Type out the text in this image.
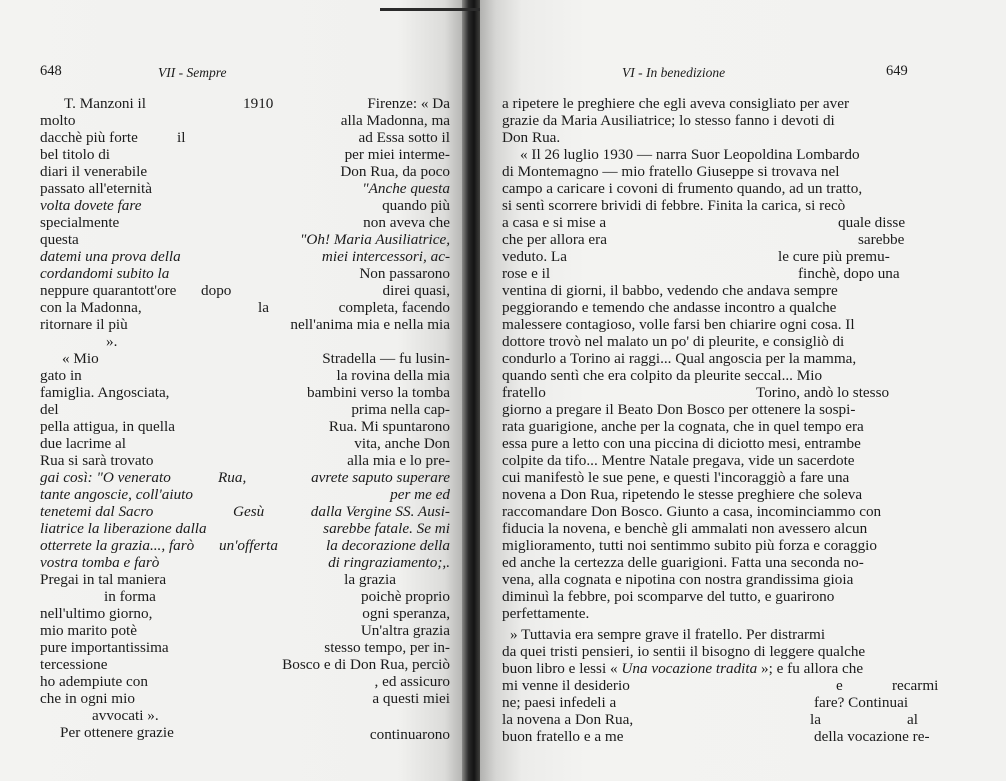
648	VII - Sempre
T. Manzoni il
molto
dacchè più forte
bel titolo di
diari il venerabile
passato all'eternità
volta dovete fare
specialmente
questa
datemi una prova della
cordandomi subito la
neppure quarantott'ore
con la Madonna,
ritornare il più
».
« Mio
gato in
famiglia. Angosciata,
del
pella attigua, in quella
due lacrime al
Rua si sarà trovato
gai così: "O venerato
tante angoscie, coll'aiuto
tenetemi dal Sacro
liatrice la liberazione dalla
otterrete la grazia..., farò
vostra tomba e farò
Pregai in tal maniera
in forma
nell'ultimo giorno,
mio marito potè
pure importantissima
tercessione
ho adempiute con
che in ogni mio
avvocati ».
Per ottenere grazie
1910
il
dopo
Rua,
Gesù
un'offerta
la
Firenze: « Da
alla Madonna, ma
ad Essa sotto il
per miei interme-
Don Rua, da poco
"Anche questa
quando più
non aveva che
"Oh! Maria Ausiliatrice,
miei intercessori, ac-
Non passarono
direi quasi,
completa, facendo
nell'anima mia e nella mia
Stradella — fu lusin-
la rovina della mia
bambini verso la tomba
prima nella cap-
Rua. Mi spuntarono
vita, anche Don
alla mia e lo pre-
avrete saputo superare
per me ed
dalla Vergine SS. Ausi-
sarebbe fatale. Se mi
la decorazione della
di ringraziamento;,.
la grazia
poichè proprio
ogni speranza,
Un'altra grazia
stesso tempo, per in-
Bosco e di Don Rua, perciò
, ed assicuro
a questi miei
continuarono
VI - In benedizione	649
a ripetere le preghiere che egli aveva consigliato per aver
grazie da Maria Ausiliatrice; lo stesso fanno i devoti di
Don Rua.
« Il 26 luglio 1930 — narra Suor Leopoldina Lombardo
di Montemagno — mio fratello Giuseppe si trovava nel
campo a caricare i covoni di frumento quando, ad un tratto,
si sentì scorrere brividi di febbre. Finita la carica, si recò
a casa e si mise a	quale disse
che per allora era	sarebbe
veduto. La	le cure più premu-
rose e il	finchè, dopo una
ventina di giorni, il babbo, vedendo che andava sempre
peggiorando e temendo che andasse incontro a qualche
malessere contagioso, volle farsi ben chiarire ogni cosa. Il
dottore trovò nel malato un po' di pleurite, e consigliò di
condurlo a Torino ai raggi... Qual angoscia per la mamma,
quando sentì che era colpito da pleurite seccal... Mio
fratello	Torino, andò lo stesso
giorno a pregare il Beato Don Bosco per ottenere la sospi-
rata guarigione, anche per la cognata, che in quel tempo era
essa pure a letto con una piccina di diciotto mesi, entrambe
colpite da tifo... Mentre Natale pregava, vide un sacerdote
cui manifestò le sue pene, e questi l'incoraggiò a fare una
novena a Don Rua, ripetendo le stesse preghiere che soleva
raccomandare Don Bosco. Giunto a casa, incominciammo con
fiducia la novena, e benchè gli ammalati non avessero alcun
miglioramento, tutti noi sentimmo subito più forza e coraggio
ed anche la certezza delle guarigioni. Fatta una seconda no-
vena, alla cognata e nipotina con nostra grandissima gioia
diminuì la febbre, poi scomparve del tutto, e guarirono
perfettamente.
» Tuttavia era sempre grave il fratello. Per distrarmi
da quei tristi pensieri, io sentii il bisogno di leggere qualche
buon libro e lessi « Una vocazione tradita »; e fu allora che
mi venne il desiderio	e	recarmi
ne; paesi infedeli a	fare? Continuai
la novena a Don Rua,	la	al
buon fratello e a me	della vocazione re-
